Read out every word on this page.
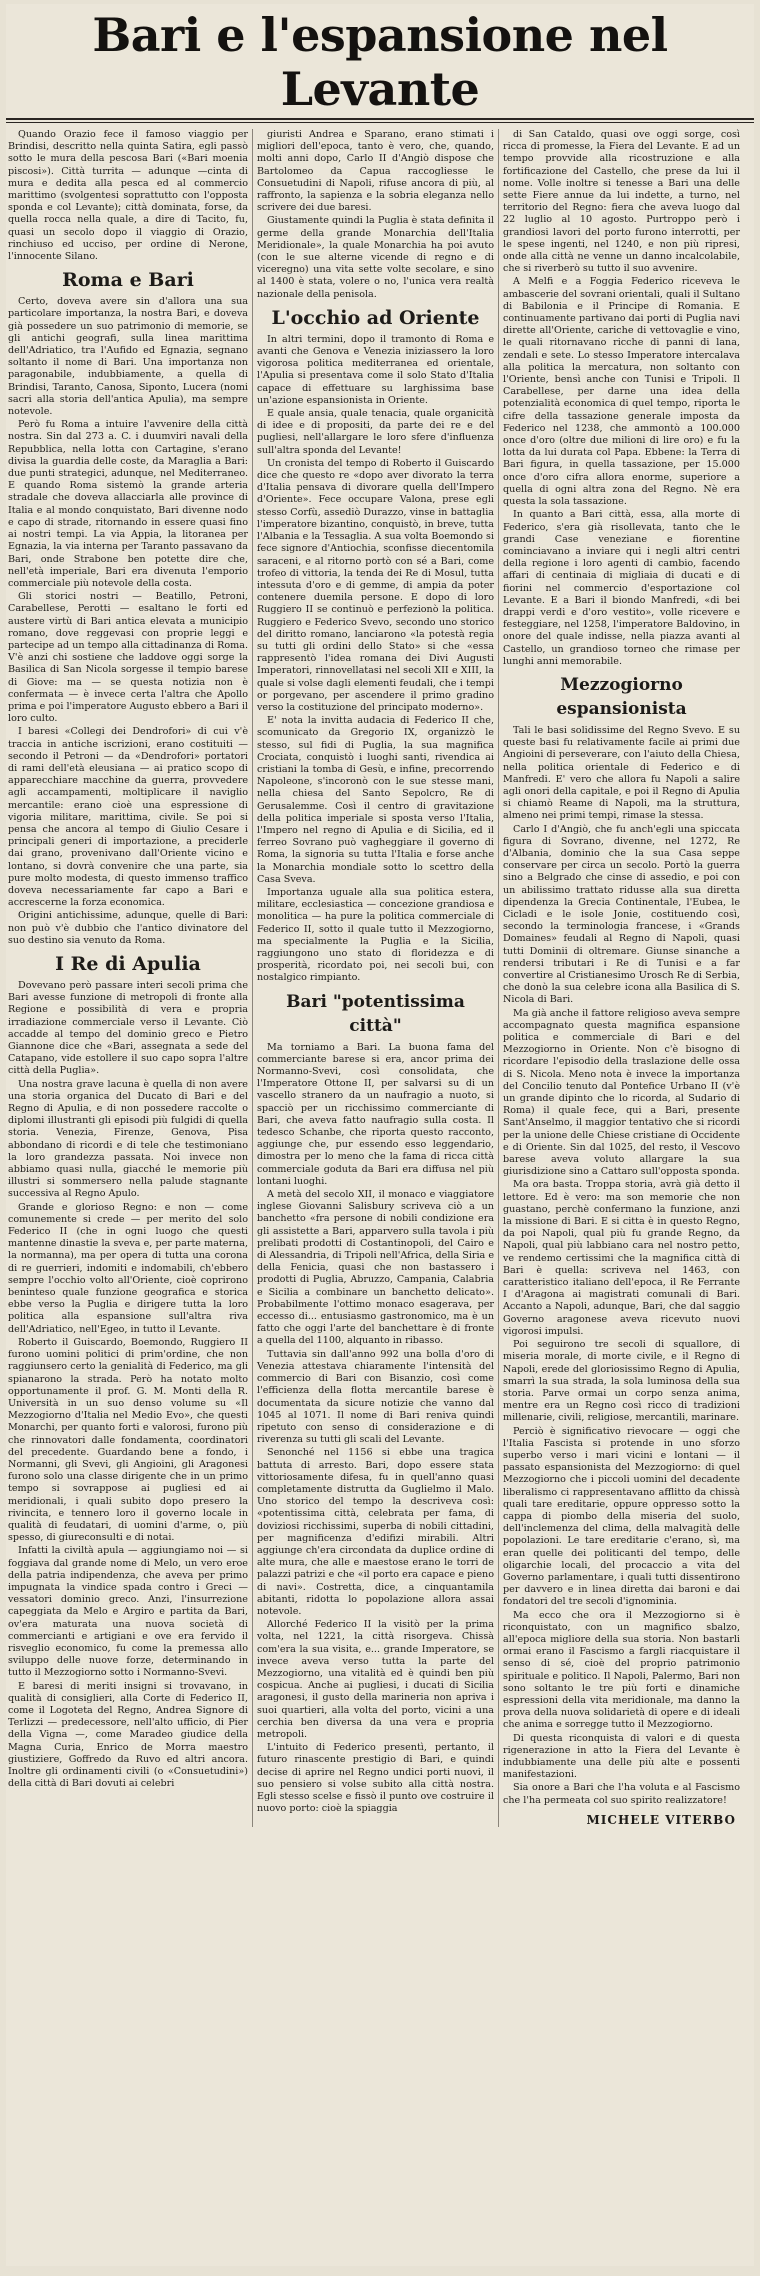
Bari e l'espansione nel Levante

Quando Orazio fece il famoso viaggio per Brindisi, descritto nella quinta Satira, egli passò sotto le mura della pescosa Bari («Bari moenia piscosi»). Città turrita — adunque —cinta di mura e dedita alla pesca ed al commercio marittimo (svolgentesi soprattutto con l'opposta sponda e col Levante); città dominata, forse, da quella rocca nella quale, a dire di Tacito, fu, quasi un secolo dopo il viaggio di Orazio, rinchiuso ed ucciso, per ordine di Nerone, l'innocente Silano.

Roma e Bari

Certo, doveva avere sin d'allora una sua particolare importanza, la nostra Bari, e doveva già possedere un suo patrimonio di memorie, se gli antichi geografi, sulla linea marittima dell'Adriatico, tra l'Aufido ed Egnazia, segnano soltanto il nome di Bari. Una importanza non paragonabile, indubbiamente, a quella di Brindisi, Taranto, Canosa, Siponto, Lucera (nomi sacri alla storia dell'antica Apulia), ma sempre notevole.

Però fu Roma a intuire l'avvenire della città nostra. Sin dal 273 a. C. i duumviri navali della Repubblica, nella lotta con Cartagine, s'erano divisa la guardia delle coste, da Maraglia a Bari: due punti strategici, adunque, nel Mediterraneo. E quando Roma sistemò la grande arteria stradale che doveva allacciarla alle province di Italia e al mondo conquistato, Bari divenne nodo e capo di strade, ritornando in essere quasi fino ai nostri tempi. La via Appia, la litoranea per Egnazia, la via interna per Taranto passavano da Bari, onde Strabone ben potette dire che, nell'età imperiale, Bari era divenuta l'emporio commerciale più notevole della costa.

Gli storici nostri — Beatillo, Petroni, Carabellese, Perotti — esaltano le forti ed austere virtù di Bari antica elevata a municipio romano, dove reggevasi con proprie leggi e partecipe ad un tempo alla cittadinanza di Roma. V'è anzi chi sostiene che laddove oggi sorge la Basilica di San Nicola sorgesse il tempio barese di Giove: ma — se questa notizia non è confermata — è invece certa l'altra che Apollo prima e poi l'imperatore Augusto ebbero a Bari il loro culto.

I baresi «Collegi dei Dendrofori» di cui v'è traccia in antiche iscrizioni, erano costituiti — secondo il Petroni — da «Dendrofori» portatori di rami dell'età eleusiana — ai pratico scopo di apparecchiare macchine da guerra, provvedere agli accampamenti, moltiplicare il naviglio mercantile: erano cioè una espressione di vigoria militare, marittima, civile. Se poi si pensa che ancora al tempo di Giulio Cesare i principali generi di importazione, a preciderle dai grano, provenivano dall'Oriente vicino e lontano, si dovrà convenire che una parte, sia pure molto modesta, di questo immenso traffico doveva necessariamente far capo a Bari e accrescerne la forza economica.

Origini antichissime, adunque, quelle di Bari: non può v'è dubbio che l'antico divinatore del suo destino sia venuto da Roma.

I Re di Apulia

Dovevano però passare interi secoli prima che Bari avesse funzione di metropoli di fronte alla Regione e possibilità di vera e propria irradiazione commerciale verso il Levante. Ciò accadde al tempo del dominio greco e Pietro Giannone dice che «Bari, assegnata a sede del Catapano, vide estollere il suo capo sopra l'altre città della Puglia».

Una nostra grave lacuna è quella di non avere una storia organica del Ducato di Bari e del Regno di Apulia, e di non possedere raccolte o diplomi illustranti gli episodi più fulgidi di quella storia. Venezia, Firenze, Genova, Pisa abbondano di ricordi e di tele che testimoniano la loro grandezza passata. Noi invece non abbiamo quasi nulla, giacché le memorie più illustri si sommersero nella palude stagnante successiva al Regno Apulo.

Grande e glorioso Regno: e non — come comunemente si crede — per merito del solo Federico II (che in ogni luogo che questi mantenne dinastie la sveva e, per parte materna, la normanna), ma per opera di tutta una corona di re guerrieri, indomiti e indomabili, ch'ebbero sempre l'occhio volto all'Oriente, cioè coprirono beninteso quale funzione geografica e storica ebbe verso la Puglia e dirigere tutta la loro politica alla espansione sull'altra riva dell'Adriatico, nell'Egeo, in tutto il Levante.

Roberto il Guiscardo, Boemondo, Ruggiero II furono uomini politici di prim'ordine, che non raggiunsero certo la genialità di Federico, ma gli spianarono la strada. Però ha notato molto opportunamente il prof. G. M. Monti della R. Università in un suo denso volume su «Il Mezzogiorno d'Italia nel Medio Evo», che questi Monarchi, per quanto forti e valorosi, furono più che rinnovatori dalle fondamenta, coordinatori del precedente. Guardando bene a fondo, i Normanni, gli Svevi, gli Angioini, gli Aragonesi furono solo una classe dirigente che in un primo tempo si sovrappose ai pugliesi ed ai meridionali, i quali subito dopo presero la rivincita, e tennero loro il governo locale in qualità di feudatari, di uomini d'arme, o, più spesso, di giureconsulti e di notai.

Infatti la civiltà apula — aggiungiamo noi — si foggiava dal grande nome di Melo, un vero eroe della patria indipendenza, che aveva per primo impugnata la vindice spada contro i Greci — vessatori dominio greco. Anzi, l'insurrezione capeggiata da Melo e Argiro e partita da Bari, ov'era maturata una nuova società di commercianti e artigiani e ove era fervido il risveglio economico, fu come la premessa allo sviluppo delle nuove forze, determinando in tutto il Mezzogiorno sotto i Normanno-Svevi.

E baresi di meriti insigni si trovavano, in qualità di consiglieri, alla Corte di Federico II, come il Logoteta del Regno, Andrea Signore di Terlizzi — predecessore, nell'alto ufficio, di Pier della Vigna —, come Maradeo giudice della Magna Curia, Enrico de Morra maestro giustiziere, Goffredo da Ruvo ed altri ancora. Inoltre gli ordinamenti civili (o «Consuetudini») della città di Bari dovuti ai celebri

giuristi Andrea e Sparano, erano stimati i migliori dell'epoca, tanto è vero, che, quando, molti anni dopo, Carlo II d'Angiò dispose che Bartolomeo da Capua raccogliesse le Consuetudini di Napoli, rifuse ancora di più, al raffronto, la sapienza e la sobria eleganza nello scrivere dei due baresi.

Giustamente quindi la Puglia è stata definita il germe della grande Monarchia dell'Italia Meridionale», la quale Monarchia ha poi avuto (con le sue alterne vicende di regno e di viceregno) una vita sette volte secolare, e sino al 1400 è stata, volere o no, l'unica vera realtà nazionale della penisola.

L'occhio ad Oriente

In altri termini, dopo il tramonto di Roma e avanti che Genova e Venezia iniziassero la loro vigorosa politica mediterranea ed orientale, l'Apulia si presentava come il solo Stato d'Italia capace di effettuare su larghissima base un'azione espansionista in Oriente.

E quale ansia, quale tenacia, quale organicità di idee e di propositi, da parte dei re e del pugliesi, nell'allargare le loro sfere d'influenza sull'altra sponda del Levante!

Un cronista del tempo di Roberto il Guiscardo dice che questo re «dopo aver divorato la terra d'Italia pensava di divorare quella dell'Impero d'Oriente». Fece occupare Valona, prese egli stesso Corfù, assediò Durazzo, vinse in battaglia l'imperatore bizantino, conquistò, in breve, tutta l'Albania e la Tessaglia. A sua volta Boemondo si fece signore d'Antiochia, sconfisse diecentomila saraceni, e al ritorno portò con sé a Bari, come trofeo di vittoria, la tenda dei Re di Mosul, tutta intessuta d'oro e di gemme, di ampia da poter contenere duemila persone. E dopo di loro Ruggiero II se continuò e perfezionò la politica. Ruggiero e Federico Svevo, secondo uno storico del diritto romano, lanciarono «la potestà regia su tutti gli ordini dello Stato» si che «essa rappresentò l'idea romana dei Divi Augusti Imperatori, rinnovellatasi nel secoli XII e XIII, la quale si volse dagli elementi feudali, che i tempi or porgevano, per ascendere il primo gradino verso la costituzione del principato moderno».

E' nota la invitta audacia di Federico II che, scomunicato da Gregorio IX, organizzò le stesso, sul fidi di Puglia, la sua magnifica Crociata, conquistò i luoghi santi, rivendica ai cristiani la tomba di Gesù, e infine, precorrendo Napoleone, s'incoronò con le sue stesse mani, nella chiesa del Santo Sepolcro, Re di Gerusalemme. Così il centro di gravitazione della politica imperiale si sposta verso l'Italia, l'Impero nel regno di Apulia e di Sicilia, ed il ferreo Sovrano può vagheggiare il governo di Roma, la signoria su tutta l'Italia e forse anche la Monarchia mondiale sotto lo scettro della Casa Sveva.

Importanza uguale alla sua politica estera, militare, ecclesiastica — concezione grandiosa e monolitica — ha pure la politica commerciale di Federico II, sotto il quale tutto il Mezzogiorno, ma specialmente la Puglia e la Sicilia, raggiungono uno stato di floridezza e di prosperità, ricordato poi, nei secoli bui, con nostalgico rimpianto.

Bari "potentissima città"

Ma torniamo a Bari. La buona fama del commerciante barese si era, ancor prima dei Normanno-Svevi, così consolidata, che l'Imperatore Ottone II, per salvarsi su di un vascello stranero da un naufragio a nuoto, si spacciò per un ricchissimo commerciante di Bari, che aveva fatto naufragio sulla costa. Il tedesco Schanbe, che riporta questo racconto, aggiunge che, pur essendo esso leggendario, dimostra per lo meno che la fama di ricca città commerciale goduta da Bari era diffusa nel più lontani luoghi.

A metà del secolo XII, il monaco e viaggiatore inglese Giovanni Salisbury scriveva ciò a un banchetto «fra persone di nobili condizione era gli assistette a Bari, apparvero sulla tavola i più prelibati prodotti di Costantinopoli, del Cairo e di Alessandria, di Tripoli nell'Africa, della Siria e della Fenicia, quasi che non bastassero i prodotti di Puglia, Abruzzo, Campania, Calabria e Sicilia a combinare un banchetto delicato». Probabilmente l'ottimo monaco esagerava, per eccesso di... entusiasmo gastronomico, ma è un fatto che oggi l'arte del banchettare è di fronte a quella del 1100, alquanto in ribasso.

Tuttavia sin dall'anno 992 una bolla d'oro di Venezia attestava chiaramente l'intensità del commercio di Bari con Bisanzio, così come l'efficienza della flotta mercantile barese è documentata da sicure notizie che vanno dal 1045 al 1071. Il nome di Bari reniva quindi ripetuto con senso di considerazione e di riverenza su tutti gli scali del Levante.

Senonché nel 1156 si ebbe una tragica battuta di arresto. Bari, dopo essere stata vittoriosamente difesa, fu in quell'anno quasi completamente distrutta da Guglielmo il Malo. Uno storico del tempo la descriveva così: «potentissima città, celebrata per fama, di doviziosi ricchissimi, superba di nobili cittadini, per magnificenza d'edifizi mirabili. Altri aggiunge ch'era circondata da duplice ordine di alte mura, che alle e maestose erano le torri de palazzi patrizi e che «il porto era capace e pieno di navi». Costretta, dice, a cinquantamila abitanti, ridotta lo popolazione allora assai notevole.

Allorché Federico II la visitò per la prima volta, nel 1221, la città risorgeva. Chissà com'era la sua visita, e... grande Imperatore, se invece aveva verso tutta la parte del Mezzogiorno, una vitalità ed è quindi ben più cospicua. Anche ai pugliesi, i ducati di Sicilia aragonesi, il gusto della marineria non apriva i suoi quartieri, alla volta del porto, vicini a una cerchia ben diversa da una vera e propria metropoli.

L'intuito di Federico presentì, pertanto, il futuro rinascente prestigio di Bari, e quindi decise di aprire nel Regno undici porti nuovi, il suo pensiero si volse subito alla città nostra. Egli stesso scelse e fissò il punto ove costruire il nuovo porto: cioè la spiaggia

di San Cataldo, quasi ove oggi sorge, così ricca di promesse, la Fiera del Levante. E ad un tempo provvide alla ricostruzione e alla fortificazione del Castello, che prese da lui il nome. Volle inoltre si tenesse a Bari una delle sette Fiere annue da lui indette, a turno, nel territorio del Regno: fiera che aveva luogo dal 22 luglio al 10 agosto. Purtroppo però i grandiosi lavori del porto furono interrotti, per le spese ingenti, nel 1240, e non più ripresi, onde alla città ne venne un danno incalcolabile, che si riverberò su tutto il suo avvenire.

A Melfi e a Foggia Federico riceveva le ambascerie del sovrani orientali, quali il Sultano di Babilonia e il Principe di Romania. E continuamente partivano dai porti di Puglia navi dirette all'Oriente, cariche di vettovaglie e vino, le quali ritornavano ricche di panni di lana, zendali e sete. Lo stesso Imperatore intercalava alla politica la mercatura, non soltanto con l'Oriente, bensì anche con Tunisi e Tripoli. Il Carabellese, per darne una idea della potenzialità economica di quel tempo, riporta le cifre della tassazione generale imposta da Federico nel 1238, che ammontò a 100.000 once d'oro (oltre due milioni di lire oro) e fu la lotta da lui durata col Papa. Ebbene: la Terra di Bari figura, in quella tassazione, per 15.000 once d'oro cifra allora enorme, superiore a quella di ogni altra zona del Regno. Nè era questa la sola tassazione.

In quanto a Bari città, essa, alla morte di Federico, s'era già risollevata, tanto che le grandi Case veneziane e fiorentine cominciavano a inviare qui i negli altri centri della regione i loro agenti di cambio, facendo affari di centinaia di migliaia di ducati e di fiorini nel commercio d'esportazione col Levante. E a Bari il biondo Manfredi, «di bei drappi verdi e d'oro vestito», volle ricevere e festeggiare, nel 1258, l'imperatore Baldovino, in onore del quale indisse, nella piazza avanti al Castello, un grandioso torneo che rimase per lunghi anni memorabile.

Mezzogiorno espansionista

Tali le basi solidissime del Regno Svevo. E su queste basi fu relativamente facile ai primi due Angioini di perseverare, con l'aiuto della Chiesa, nella politica orientale di Federico e di Manfredi. E' vero che allora fu Napoli a salire agli onori della capitale, e poi il Regno di Apulia si chiamò Reame di Napoli, ma la struttura, almeno nei primi tempi, rimase la stessa.

Carlo I d'Angiò, che fu anch'egli una spiccata figura di Sovrano, divenne, nel 1272, Re d'Albania, dominio che la sua Casa seppe conservare per circa un secolo. Portò la guerra sino a Belgrado che cinse di assedio, e poi con un abilissimo trattato ridusse alla sua diretta dipendenza la Grecia Continentale, l'Eubea, le Cicladi e le isole Jonie, costituendo così, secondo la terminologia francese, i «Grands Domaines» feudali al Regno di Napoli, quasi tutti Dominii di oltremare. Giunse sinanche a rendersi tributari i Re di Tunisi e a far convertire al Cristianesimo Urosch Re di Serbia, che donò la sua celebre icona alla Basilica di S. Nicola di Bari.

Ma già anche il fattore religioso aveva sempre accompagnato questa magnifica espansione politica e commerciale di Bari e del Mezzogiorno in Oriente. Non c'è bisogno di ricordare l'episodio della traslazione delle ossa di S. Nicola. Meno nota è invece la importanza del Concilio tenuto dal Pontefice Urbano II (v'è un grande dipinto che lo ricorda, al Sudario di Roma) il quale fece, qui a Bari, presente Sant'Anselmo, il maggior tentativo che si ricordi per la unione delle Chiese cristiane di Occidente e di Oriente. Sin dal 1025, del resto, il Vescovo barese aveva voluto allargare la sua giurisdizione sino a Cattaro sull'opposta sponda.

Ma ora basta. Troppa storia, avrà già detto il lettore. Ed è vero: ma son memorie che non guastano, perchè confermano la funzione, anzi la missione di Bari. E si citta è in questo Regno, da poi Napoli, qual più fu grande Regno, da Napoli, qual più labbiano cara nel nostro petto, ve rendemo certissimi che la magnifica città di Bari è quella: scriveva nel 1463, con caratteristico italiano dell'epoca, il Re Ferrante I d'Aragona ai magistrati comunali di Bari. Accanto a Napoli, adunque, Bari, che dal saggio Governo aragonese aveva ricevuto nuovi vigorosi impulsi.

Poi seguirono tre secoli di squallore, di miseria morale, di morte civile, e il Regno di Napoli, erede del gloriosissimo Regno di Apulia, smarrì la sua strada, la sola luminosa della sua storia. Parve ormai un corpo senza anima, mentre era un Regno così ricco di tradizioni millenarie, civili, religiose, mercantili, marinare.

Perciò è significativo rievocare — oggi che l'Italia Fascista si protende in uno sforzo superbo verso i mari vicini e lontani — il passato espansionista del Mezzogiorno: di quel Mezzogiorno che i piccoli uomini del decadente liberalismo ci rappresentavano afflitto da chissà quali tare ereditarie, oppure oppresso sotto la cappa di piombo della miseria del suolo, dell'inclemenza del clima, della malvagità delle popolazioni. Le tare ereditarie c'erano, sì, ma eran quelle dei politicanti del tempo, delle oligarchie locali, del procaccio a vita del Governo parlamentare, i quali tutti dissentirono per davvero e in linea diretta dai baroni e dai fondatori del tre secoli d'ignominia.

Ma ecco che ora il Mezzogiorno si è riconquistato, con un magnifico sbalzo, all'epoca migliore della sua storia. Non bastarli ormai erano il Fascismo a fargli riacquistare il senso di sé, cioè del proprio patrimonio spirituale e politico. Il Napoli, Palermo, Bari non sono soltanto le tre più forti e dinamiche espressioni della vita meridionale, ma danno la prova della nuova solidarietà di opere e di ideali che anima e sorregge tutto il Mezzogiorno.

Di questa riconquista di valori e di questa rigenerazione in atto la Fiera del Levante è indubbiamente una delle più alte e possenti manifestazioni.

Sia onore a Bari che l'ha voluta e al Fascismo che l'ha permeata col suo spirito realizzatore!

MICHELE VITERBO
